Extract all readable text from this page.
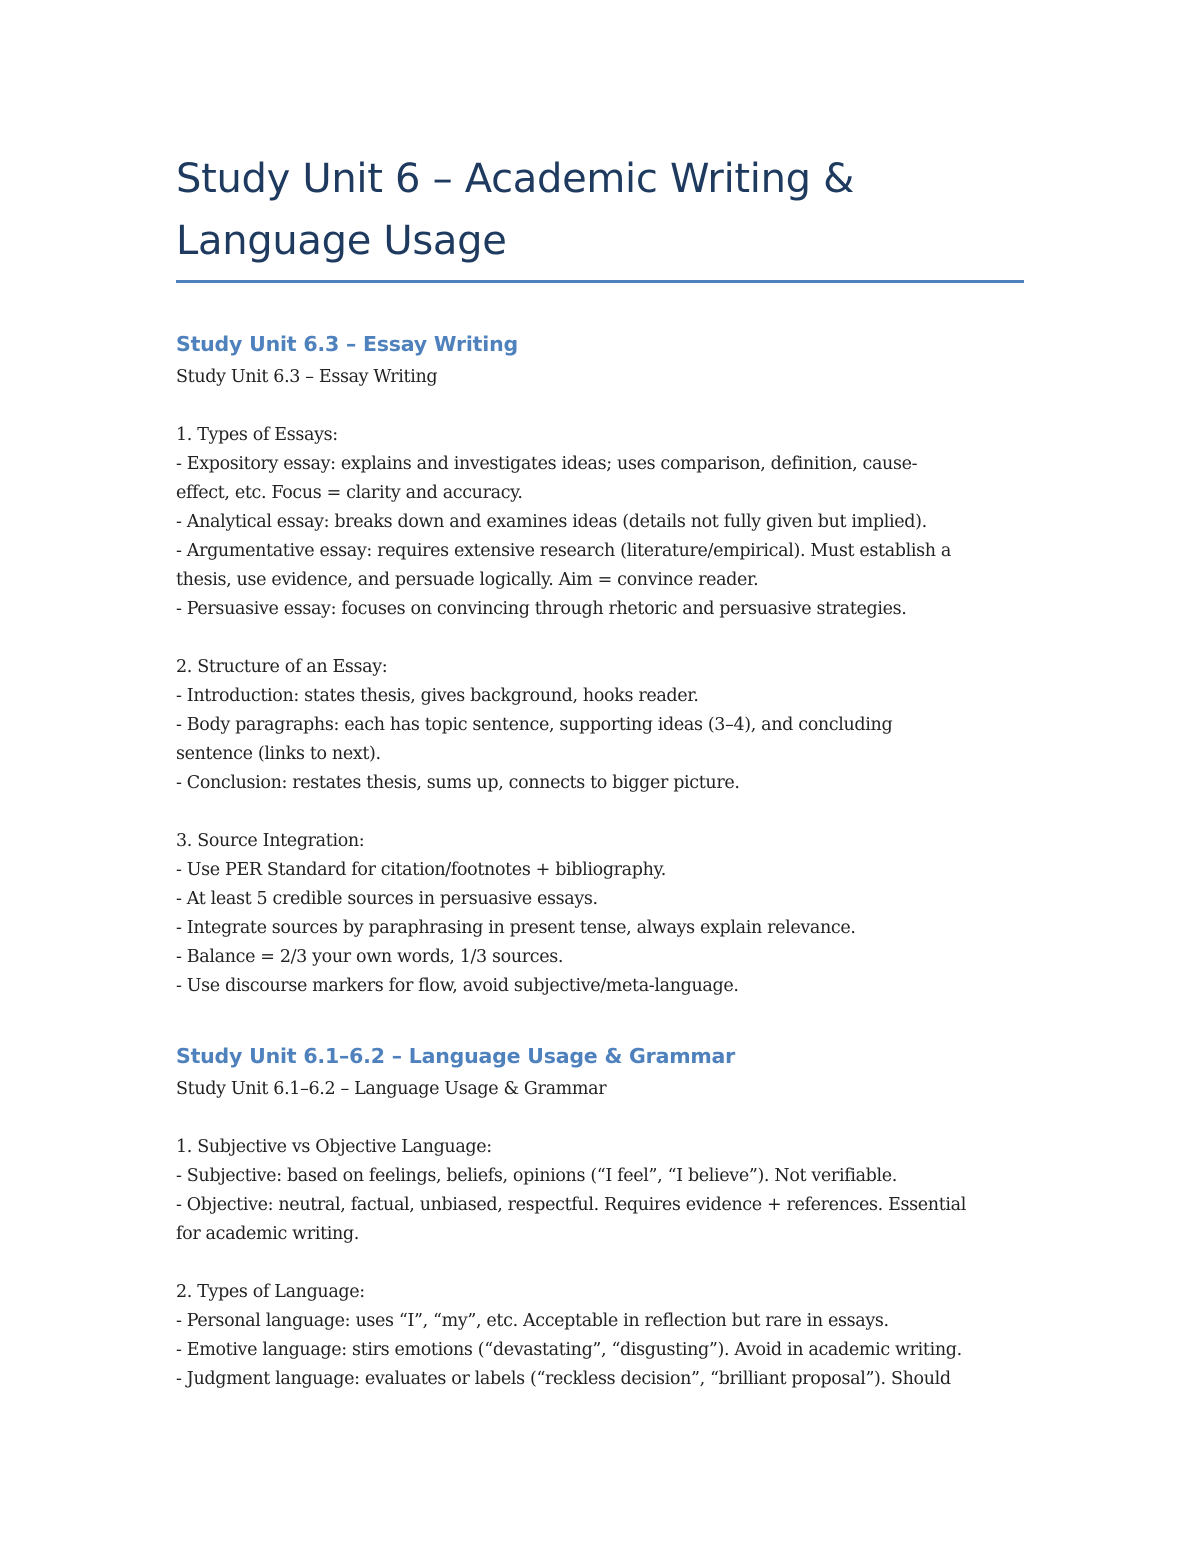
Study Unit 6 – Academic Writing &
Language Usage
Study Unit 6.3 – Essay Writing
Study Unit 6.3 – Essay Writing
1. Types of Essays:
- Expository essay: explains and investigates ideas; uses comparison, definition, cause-
effect, etc. Focus = clarity and accuracy.
- Analytical essay: breaks down and examines ideas (details not fully given but implied).
- Argumentative essay: requires extensive research (literature/empirical). Must establish a
thesis, use evidence, and persuade logically. Aim = convince reader.
- Persuasive essay: focuses on convincing through rhetoric and persuasive strategies.
2. Structure of an Essay:
- Introduction: states thesis, gives background, hooks reader.
- Body paragraphs: each has topic sentence, supporting ideas (3–4), and concluding
sentence (links to next).
- Conclusion: restates thesis, sums up, connects to bigger picture.
3. Source Integration:
- Use PER Standard for citation/footnotes + bibliography.
- At least 5 credible sources in persuasive essays.
- Integrate sources by paraphrasing in present tense, always explain relevance.
- Balance = 2/3 your own words, 1/3 sources.
- Use discourse markers for flow, avoid subjective/meta-language.
Study Unit 6.1–6.2 – Language Usage & Grammar
Study Unit 6.1–6.2 – Language Usage & Grammar
1. Subjective vs Objective Language:
- Subjective: based on feelings, beliefs, opinions (“I feel”, “I believe”). Not verifiable.
- Objective: neutral, factual, unbiased, respectful. Requires evidence + references. Essential
for academic writing.
2. Types of Language:
- Personal language: uses “I”, “my”, etc. Acceptable in reflection but rare in essays.
- Emotive language: stirs emotions (“devastating”, “disgusting”). Avoid in academic writing.
- Judgment language: evaluates or labels (“reckless decision”, “brilliant proposal”). Should
